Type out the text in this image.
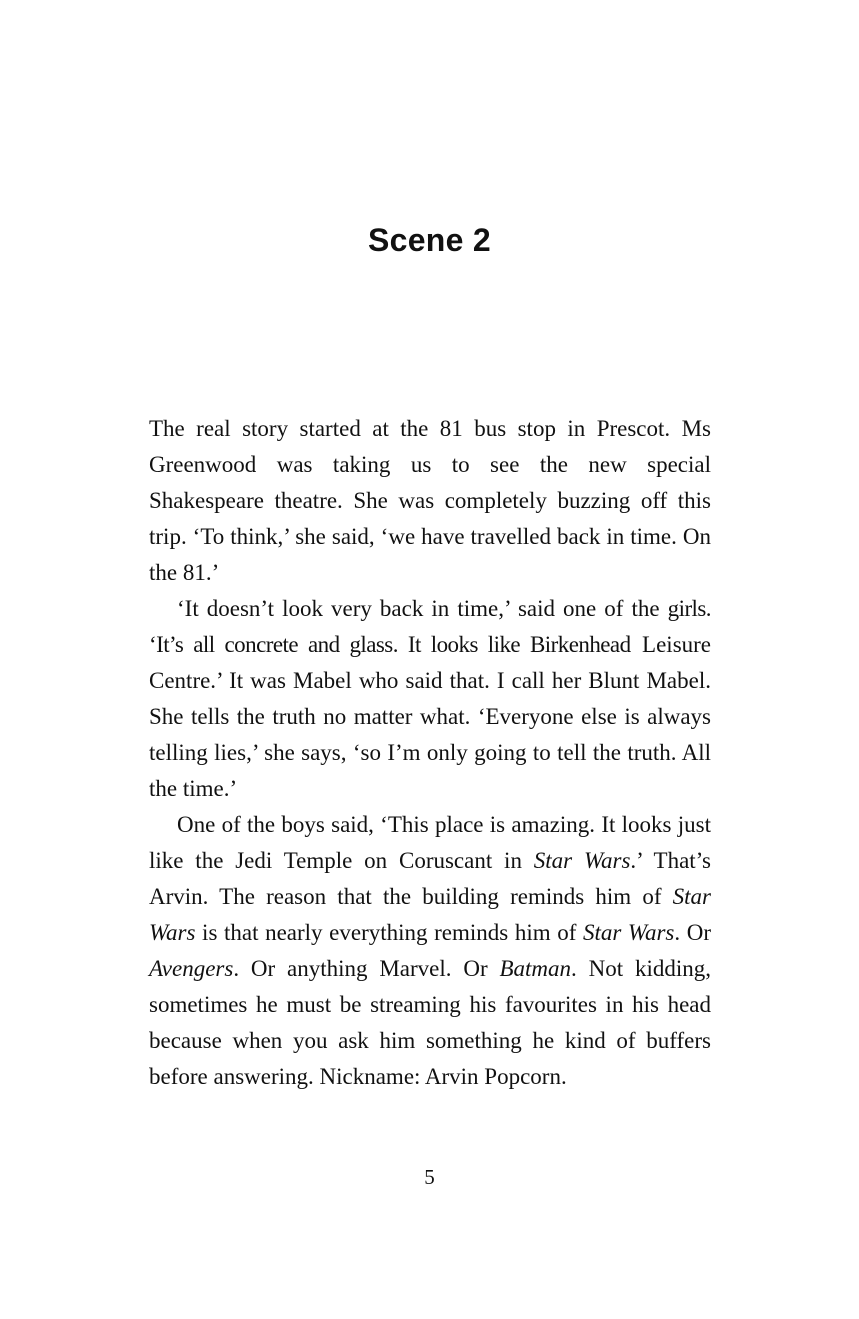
Scene 2

The real story started at the 81 bus stop in Prescot. Ms Greenwood was taking us to see the new special Shakespeare theatre. She was completely buzzing off this trip. ‘To think,’ she said, ‘we have travelled back in time. On the 81.’

‘It doesn’t look very back in time,’ said one of the girls. ‘It’s all concrete and glass. It looks like Birkenhead Leisure Centre.’ It was Mabel who said that. I call her Blunt Mabel. She tells the truth no matter what. ‘Everyone else is always telling lies,’ she says, ‘so I’m only going to tell the truth. All the time.’

One of the boys said, ‘This place is amazing. It looks just like the Jedi Temple on Coruscant in Star Wars.’ That’s Arvin. The reason that the building reminds him of Star Wars is that nearly everything reminds him of Star Wars. Or Avengers. Or anything Marvel. Or Batman. Not kidding, sometimes he must be streaming his favourites in his head because when you ask him something he kind of buffers before answering. Nickname: Arvin Popcorn.

5
